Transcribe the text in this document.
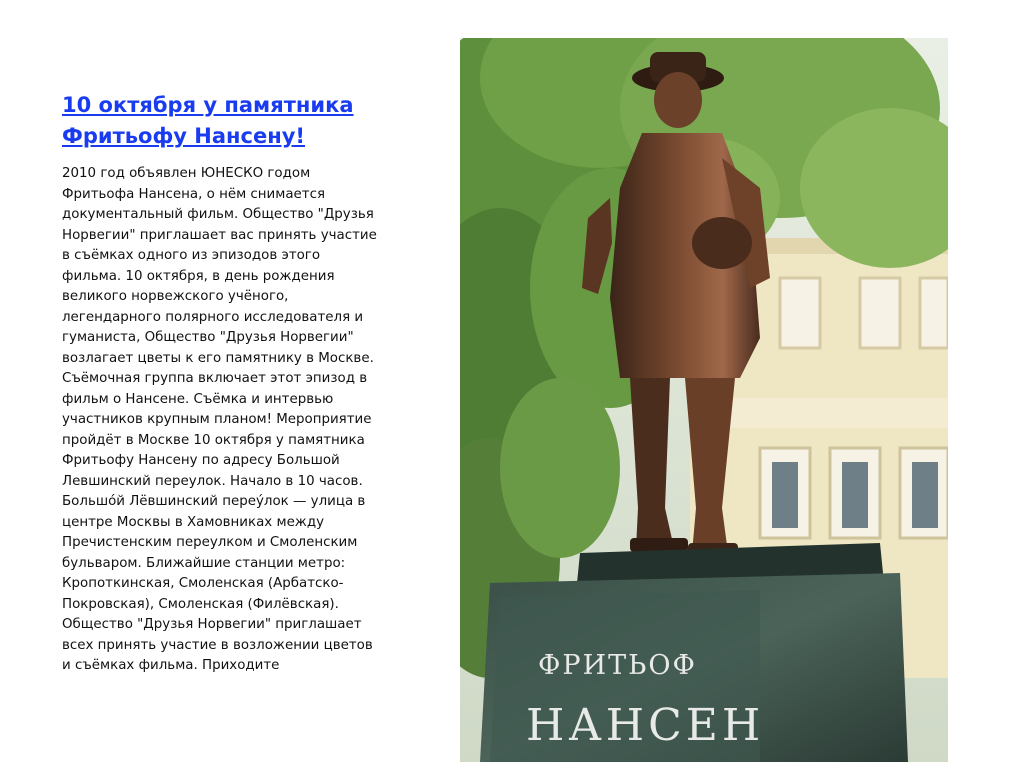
10 октября у памятника
Фритьофу Нансену!

2010 год объявлен ЮНЕСКО годом Фритьофа Нансена, о нём снимается документальный фильм. Общество "Друзья Норвегии" приглашает вас принять участие в съёмках одного из эпизодов этого фильма. 10 октября, в день рождения великого норвежского учёного, легендарного полярного исследователя и гуманиста, Общество "Друзья Норвегии" возлагает цветы к его памятнику в Москве. Съёмочная группа включает этот эпизод в фильм о Нансене. Съёмка и интервью участников крупным планом! Мероприятие пройдёт в Москве 10 октября у памятника Фритьофу Нансену по адресу Большой Левшинский переулок. Начало в 10 часов. Большо́й Лёвшинский переу́лок — улица в центре Москвы в Хамовниках между Пречистенским переулком и Смоленским бульваром. Ближайшие станции метро: Кропоткинская, Смоленская (Арбатско-Покровская), Смоленская (Филёвская). Общество "Друзья Норвегии" приглашает всех принять участие в возложении цветов и съёмках фильма. Приходите	ФРИТЬОФ
НАНСЕН
